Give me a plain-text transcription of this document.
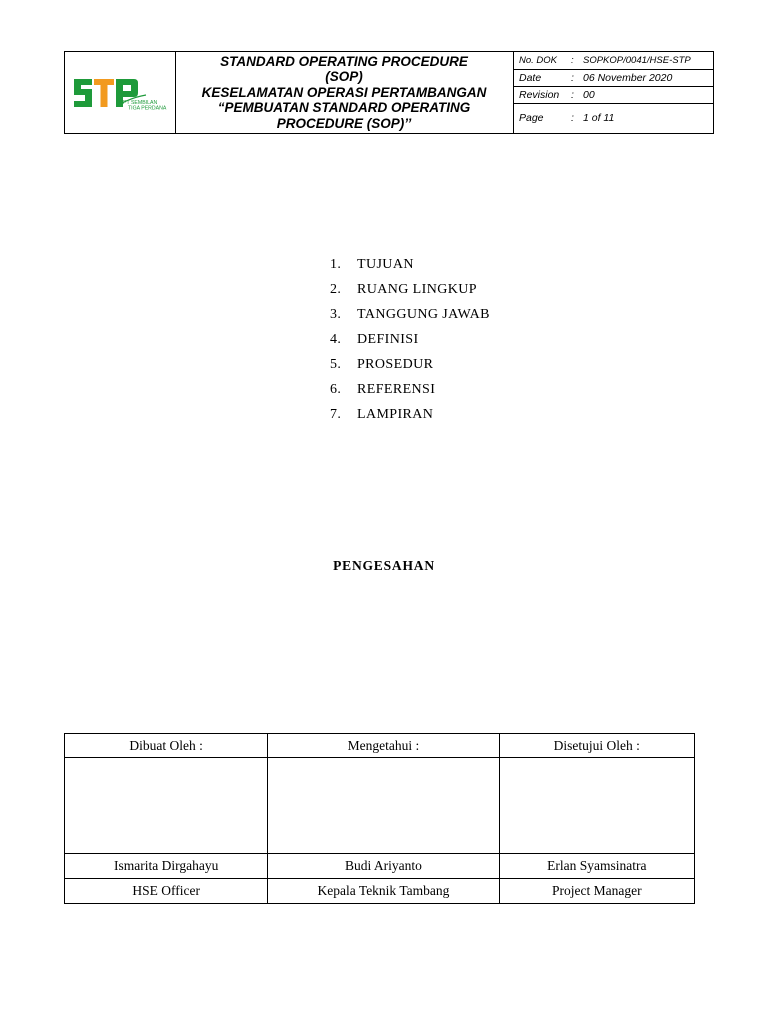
PT SEMBILAN
TIGA PERDANA
STANDARD OPERATING PROCEDURE
(SOP)
KESELAMATAN OPERASI PERTAMBANGAN
“PEMBUATAN STANDARD OPERATING
PROCEDURE (SOP)’’
No. DOK	: SOPKOP/0041/HSE-STP
Date	: 06 November 2020
Revision	: 00
Page	: 1 of 11
1. TUJUAN
2. RUANG LINGKUP
3. TANGGUNG JAWAB
4. DEFINISI
5. PROSEDUR
6. REFERENSI
7. LAMPIRAN
PENGESAHAN
Dibuat Oleh :	Mengetahui :	Disetujui Oleh :

Ismarita Dirgahayu	Budi Ariyanto	Erlan Syamsinatra
HSE Officer	Kepala Teknik Tambang	Project Manager
